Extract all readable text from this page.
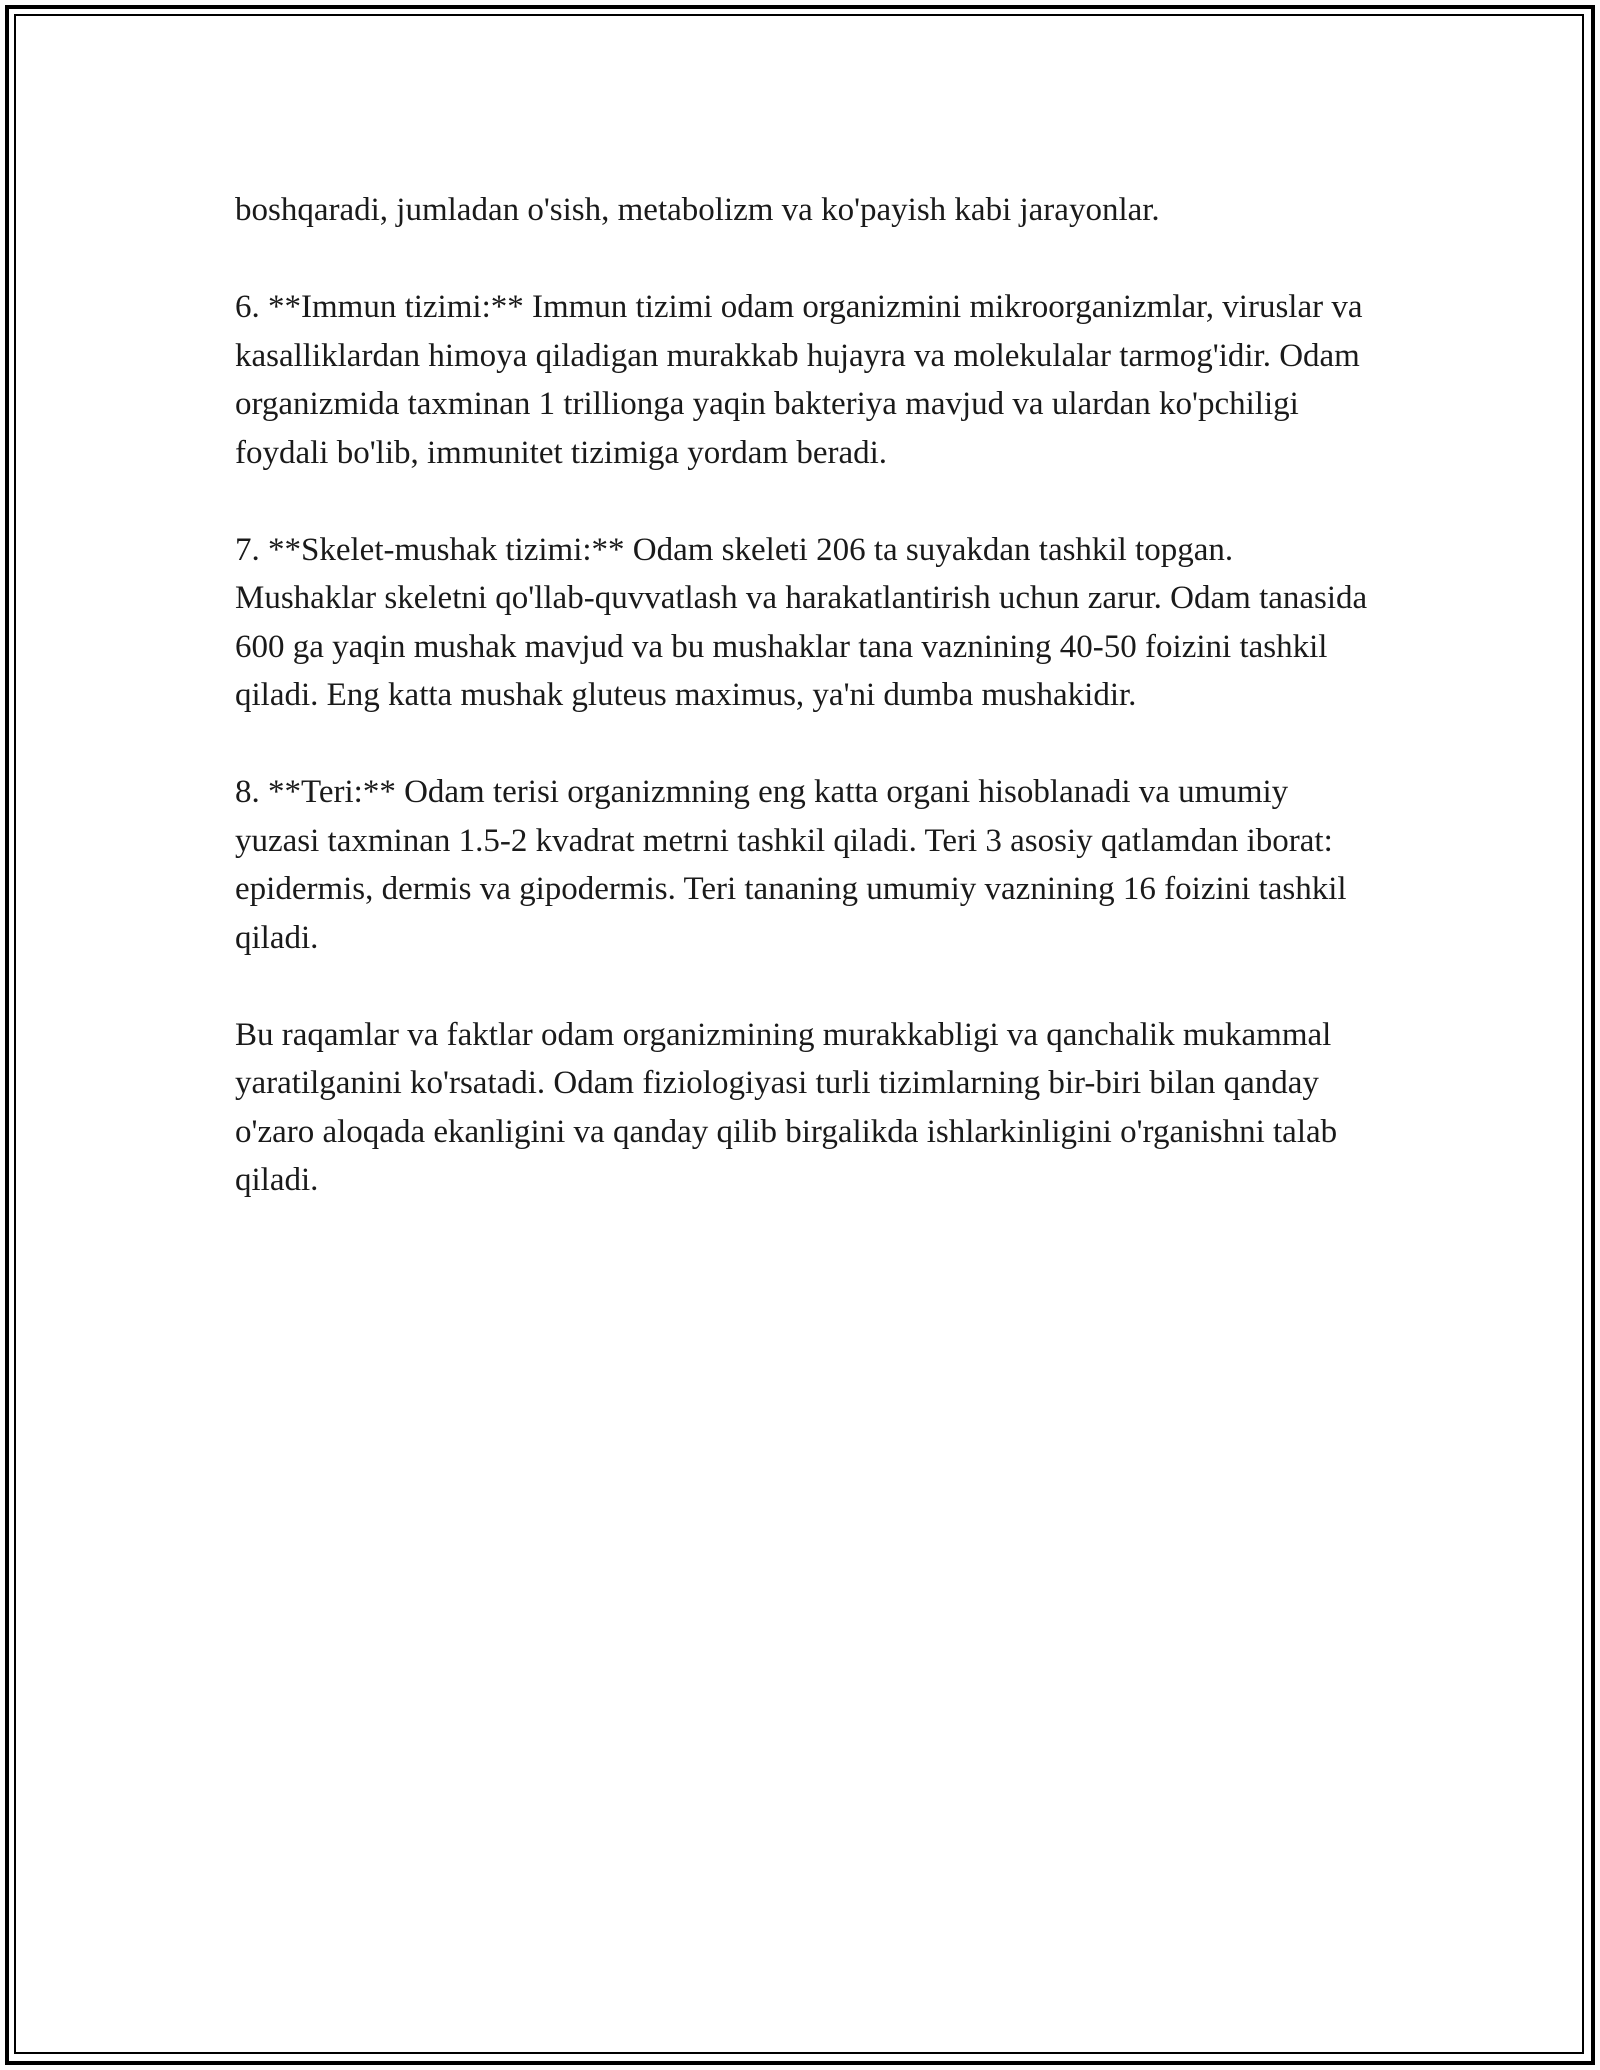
boshqaradi, jumladan o'sish, metabolizm va ko'payish kabi jarayonlar.

6. **Immun tizimi:** Immun tizimi odam organizmini mikroorganizmlar, viruslar va kasalliklardan himoya qiladigan murakkab hujayra va molekulalar tarmog'idir. Odam organizmida taxminan 1 trillionga yaqin bakteriya mavjud va ulardan ko'pchiligi foydali bo'lib, immunitet tizimiga yordam beradi.

7. **Skelet-mushak tizimi:** Odam skeleti 206 ta suyakdan tashkil topgan. Mushaklar skeletni qo'llab-quvvatlash va harakatlantirish uchun zarur. Odam tanasida 600 ga yaqin mushak mavjud va bu mushaklar tana vaznining 40-50 foizini tashkil qiladi. Eng katta mushak gluteus maximus, ya'ni dumba mushakidir.

8. **Teri:** Odam terisi organizmning eng katta organi hisoblanadi va umumiy yuzasi taxminan 1.5-2 kvadrat metrni tashkil qiladi. Teri 3 asosiy qatlamdan iborat: epidermis, dermis va gipodermis. Teri tananing umumiy vaznining 16 foizini tashkil qiladi.

Bu raqamlar va faktlar odam organizmining murakkabligi va qanchalik mukammal yaratilganini ko'rsatadi. Odam fiziologiyasi turli tizimlarning bir-biri bilan qanday o'zaro aloqada ekanligini va qanday qilib birgalikda ishlarkinligini o'rganishni talab qiladi.
